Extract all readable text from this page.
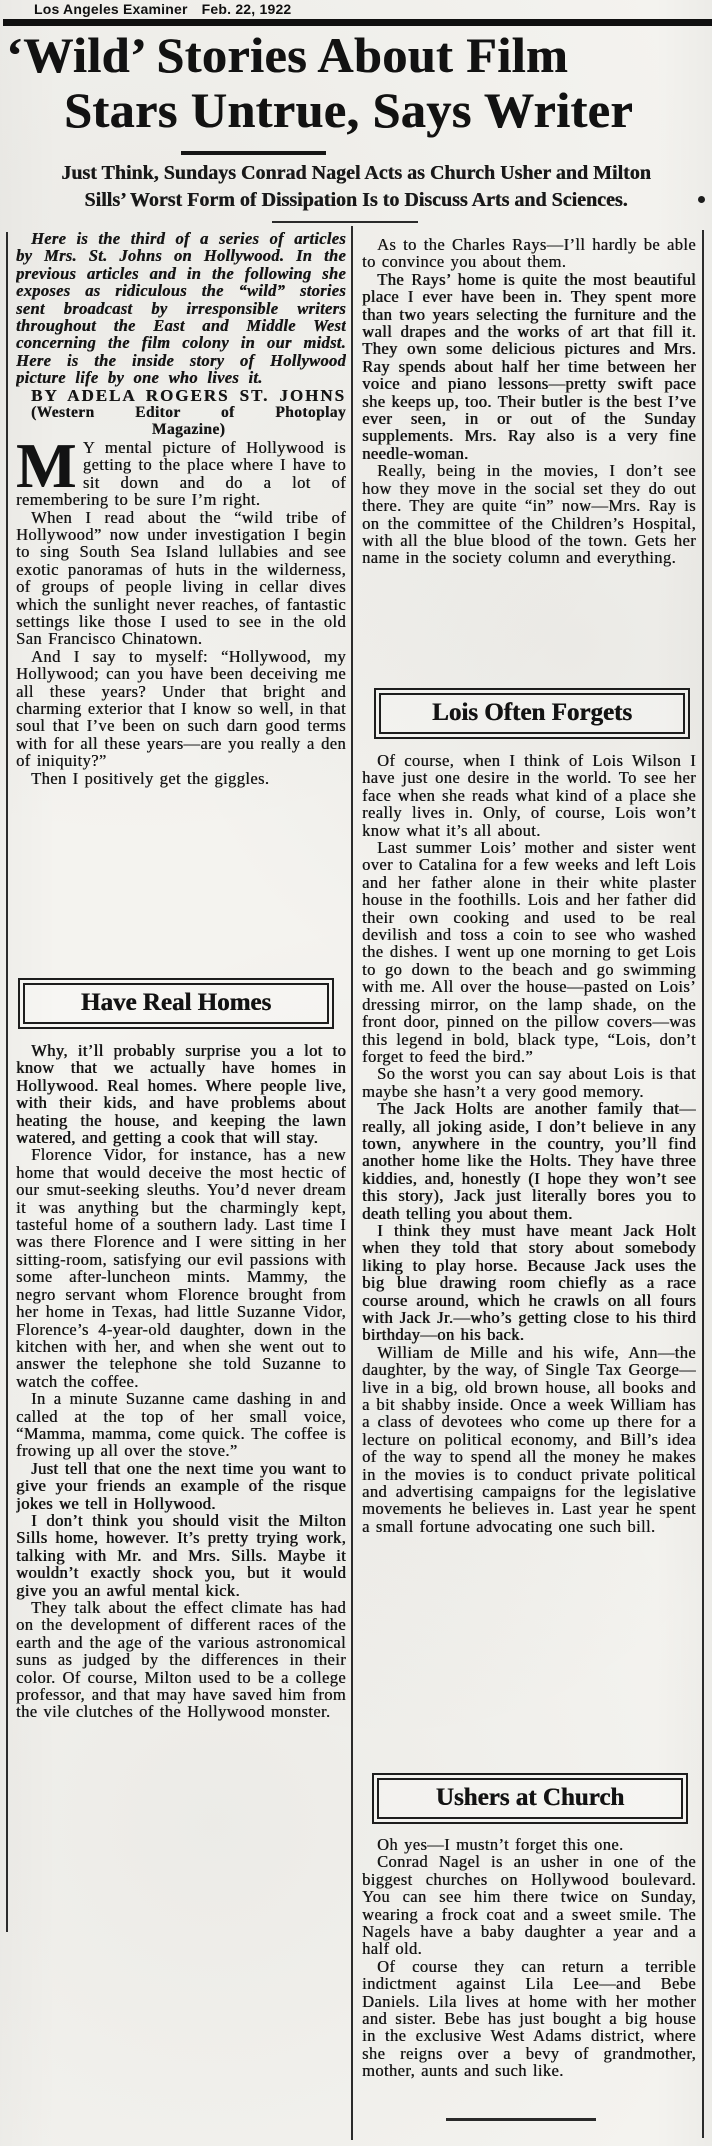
Los Angeles Examiner Feb. 22, 1922
‘Wild’ Stories About Film
Stars Untrue, Says Writer
Just Think, Sundays Conrad Nagel Acts as Church Usher and Milton
Sills’ Worst Form of Dissipation Is to Discuss Arts and Sciences.

Here is the third of a series of articles by Mrs. St. Johns on Hollywood. In the previous articles and in the following she exposes as ridiculous the “wild” stories sent broadcast by irresponsible writers throughout the East and Middle West concerning the film colony in our midst. Here is the inside story of Hollywood picture life by one who lives it.

BY ADELA ROGERS ST. JOHNS

(Western Editor of Photoplay

Magazine)

M Y mental picture of Hollywood is getting to the place where I have to sit down and do a lot of remembering to be sure I’m right.

When I read about the “wild tribe of Hollywood” now under investigation I begin to sing South Sea Island lullabies and see exotic panoramas of huts in the wilderness, of groups of people living in cellar dives which the sunlight never reaches, of fantastic settings like those I used to see in the old San Francisco Chinatown.

And I say to myself: “Hollywood, my Hollywood; can you have been deceiving me all these years? Under that bright and charming exterior that I know so well, in that soul that I’ve been on such darn good terms with for all these years—are you really a den of iniquity?”

Then I positively get the giggles.

Have Real Homes

Why, it’ll probably surprise you a lot to know that we actually have homes in Hollywood. Real homes. Where people live, with their kids, and have problems about heating the house, and keeping the lawn watered, and getting a cook that will stay.

Florence Vidor, for instance, has a new home that would deceive the most hectic of our smut-seeking sleuths. You’d never dream it was anything but the charmingly kept, tasteful home of a southern lady. Last time I was there Florence and I were sitting in her sitting-room, satisfying our evil passions with some after-luncheon mints. Mammy, the negro servant whom Florence brought from her home in Texas, had little Suzanne Vidor, Florence’s 4-year-old daughter, down in the kitchen with her, and when she went out to answer the telephone she told Suzanne to watch the coffee.

In a minute Suzanne came dashing in and called at the top of her small voice, “Mamma, mamma, come quick. The coffee is frowing up all over the stove.”

Just tell that one the next time you want to give your friends an example of the risque jokes we tell in Hollywood.

I don’t think you should visit the Milton Sills home, however. It’s pretty trying work, talking with Mr. and Mrs. Sills. Maybe it wouldn’t exactly shock you, but it would give you an awful mental kick.

They talk about the effect climate has had on the development of different races of the earth and the age of the various astronomical suns as judged by the differences in their color. Of course, Milton used to be a college professor, and that may have saved him from the vile clutches of the Hollywood monster.

As to the Charles Rays—I’ll hardly be able to convince you about them.

The Rays’ home is quite the most beautiful place I ever have been in. They spent more than two years selecting the furniture and the wall drapes and the works of art that fill it. They own some delicious pictures and Mrs. Ray spends about half her time between her voice and piano lessons—pretty swift pace she keeps up, too. Their butler is the best I’ve ever seen, in or out of the Sunday supplements. Mrs. Ray also is a very fine needle-woman.

Really, being in the movies, I don’t see how they move in the social set they do out there. They are quite “in” now—Mrs. Ray is on the committee of the Children’s Hospital, with all the blue blood of the town. Gets her name in the society column and everything.

Lois Often Forgets

Of course, when I think of Lois Wilson I have just one desire in the world. To see her face when she reads what kind of a place she really lives in. Only, of course, Lois won’t know what it’s all about.

Last summer Lois’ mother and sister went over to Catalina for a few weeks and left Lois and her father alone in their white plaster house in the foothills. Lois and her father did their own cooking and used to be real devilish and toss a coin to see who washed the dishes. I went up one morning to get Lois to go down to the beach and go swimming with me. All over the house—pasted on Lois’ dressing mirror, on the lamp shade, on the front door, pinned on the pillow covers—was this legend in bold, black type, “Lois, don’t forget to feed the bird.”

So the worst you can say about Lois is that maybe she hasn’t a very good memory.

The Jack Holts are another family that—really, all joking aside, I don’t believe in any town, anywhere in the country, you’ll find another home like the Holts. They have three kiddies, and, honestly (I hope they won’t see this story), Jack just literally bores you to death telling you about them.

I think they must have meant Jack Holt when they told that story about somebody liking to play horse. Because Jack uses the big blue drawing room chiefly as a race course around, which he crawls on all fours with Jack Jr.—who’s getting close to his third birthday—on his back.

William de Mille and his wife, Ann—the daughter, by the way, of Single Tax George—live in a big, old brown house, all books and a bit shabby inside. Once a week William has a class of devotees who come up there for a lecture on political economy, and Bill’s idea of the way to spend all the money he makes in the movies is to conduct private political and advertising campaigns for the legislative movements he believes in. Last year he spent a small fortune advocating one such bill.

Ushers at Church

Oh yes—I mustn’t forget this one.

Conrad Nagel is an usher in one of the biggest churches on Hollywood boulevard. You can see him there twice on Sunday, wearing a frock coat and a sweet smile. The Nagels have a baby daughter a year and a half old.

Of course they can return a terrible indictment against Lila Lee—and Bebe Daniels. Lila lives at home with her mother and sister. Bebe has just bought a big house in the exclusive West Adams district, where she reigns over a bevy of grandmother, mother, aunts and such like.
